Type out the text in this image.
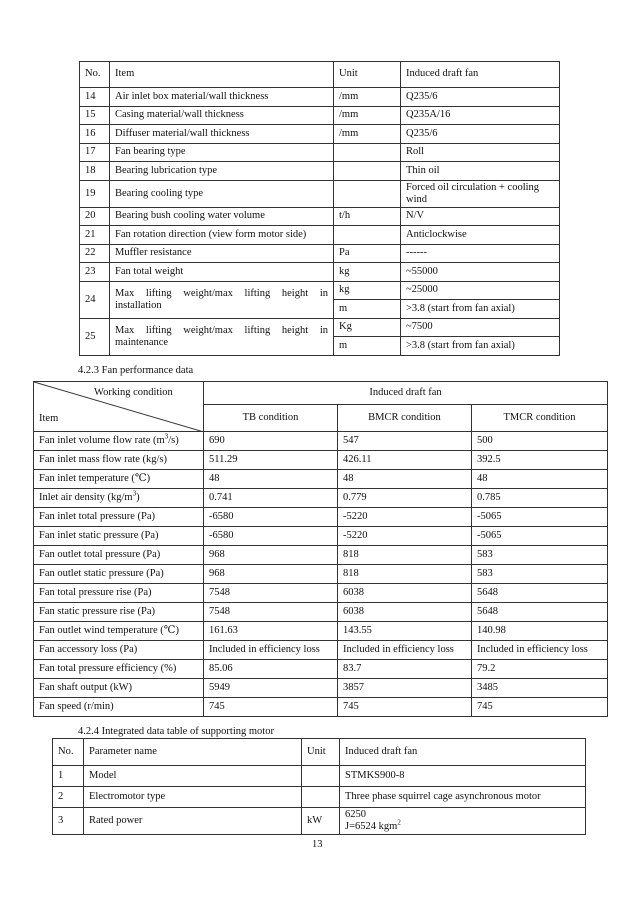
No.	Item	Unit	Induced draft fan
14	Air inlet box material/wall thickness	/mm	Q235/6
15	Casing material/wall thickness	/mm	Q235A/16
16	Diffuser material/wall thickness	/mm	Q235/6
17	Fan bearing type		Roll
18	Bearing lubrication type		Thin oil
19	Bearing cooling type		Forced oil circulation + cooling wind
20	Bearing bush cooling water volume	t/h	N/V
21	Fan rotation direction (view form motor side)		Anticlockwise
22	Muffler resistance	Pa	------
23	Fan total weight	kg	~55000
24	Max lifting weight/max lifting height in
installation	kg	~25000
		m	>3.8 (start from fan axial)
25	Max lifting weight/max lifting height in
maintenance	Kg	~7500
		m	>3.8 (start from fan axial)
4.2.3 Fan performance data
Working condition
Item	Induced draft fan		
	TB condition	BMCR condition	TMCR condition
Fan inlet volume flow rate $(m^3/s)$	690	547	500
Fan inlet mass flow rate (kg/s)	511.29	426.11	392.5
Fan inlet temperature (℃)	48	48	48
Inlet air density $(kg/m^3)$	0.741	0.779	0.785
Fan inlet total pressure (Pa)	-6580	-5220	-5065
Fan inlet static pressure (Pa)	-6580	-5220	-5065
Fan outlet total pressure (Pa)	968	818	583
Fan outlet static pressure (Pa)	968	818	583
Fan total pressure rise (Pa)	7548	6038	5648
Fan static pressure rise (Pa)	7548	6038	5648
Fan outlet wind temperature (℃)	161.63	143.55	140.98
Fan accessory loss (Pa)	Included in efficiency loss	Included in efficiency loss	Included in efficiency loss
Fan total pressure efficiency (%)	85.06	83.7	79.2
Fan shaft output (kW)	5949	3857	3485
Fan speed (r/min)	745	745	745
4.2.4 Integrated data table of supporting motor
No.	Parameter name	Unit	Induced draft fan
1	Model		STMKS900-8
2	Electromotor type		Three phase squirrel cage asynchronous motor
3	Rated power	kW	6250
J=6524 kgm$^2$
13
